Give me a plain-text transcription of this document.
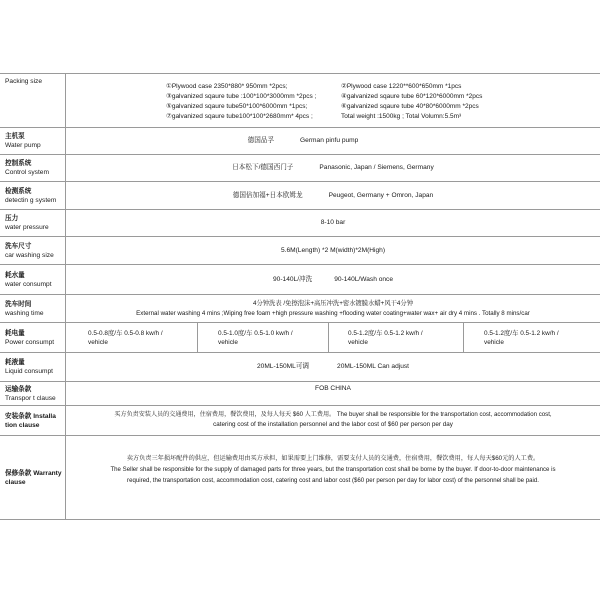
Packing size
①Plywood case 2350*880* 950mm *2pcs;
③galvanized sqaure tube :100*100*3000mm *2pcs ;
⑤galvanized sqaure tube50*100*6000mm *1pcs;
⑦galvanized sqaure tube100*100*2680mm* 4pcs ;
②Plywood case 1220**600*650mm *1pcs
④galvanized sqaure tube 60*120*6000mm *2pcs
⑥galvanized sqaure tube 40*80*6000mm *2pcs
Total weight :1500kg ; Total Volumn:5.5m³
主机泵
Water pump
德国品孚	German pinfu pump
控制系统
Control system
日本松下/德国西门子	Panasonic, Japan / Siemens, Germany
检测系统
detectin g system
德国倍加福+日本欧姆龙	Peugeot, Germany + Omron, Japan
压力
water pressure
8-10 bar
洗车尺寸
car washing size
5.6M(Length) *2 M(width)*2M(High)
耗水量
water consumpt
90-140L/冲洗	90-140L/Wash once
洗车时间
washing time
4分钟洗表 /免擦泡沫+高压冲洗+密水镀膜水蜡+风干4分钟
External water washing 4 mins ;Wiping free foam +high pressure washing +flooding water coating+water wax+ air dry 4 mins . Totally 8 mins/car
耗电量
Power consumpt
0.5-0.8度/车 0.5-0.8 kw/h /
vehicle
0.5-1.0度/车 0.5-1.0 kw/h /
vehicle
0.5-1.2度/车 0.5-1.2 kw/h /
vehicle
0.5-1.2度/车 0.5-1.2 kw/h /
vehicle
耗液量
Liquid consumpt
20ML-150ML可调	20ML-150ML Can adjust
运输条款
Transpor t clause
FOB CHINA
安装条款 Installa
tion clause
买方负责安装人员的交通费用，住宿费用，餐饮费用，及每人每天 $60 人工费用。 The buyer shall be responsible for the transportation cost, accommodation cost,
catering cost of the installation personnel and the labor cost of $60 per person per day
保修条款 Warranty
clause
卖方负责三年损坏配件的供应，但运输费用由买方承担，如果需要上门维修，需要支付人员的交通费，住宿费用，餐饮费用，每人每天$60元的人工费。
The Seller shall be responsible for the supply of damaged parts for three years, but the transportation cost shall be borne by the buyer. If door-to-door maintenance is
required, the transportation cost, accommodation cost, catering cost and labor cost ($60 per person per day for labor cost) of the personnel shall be paid.
